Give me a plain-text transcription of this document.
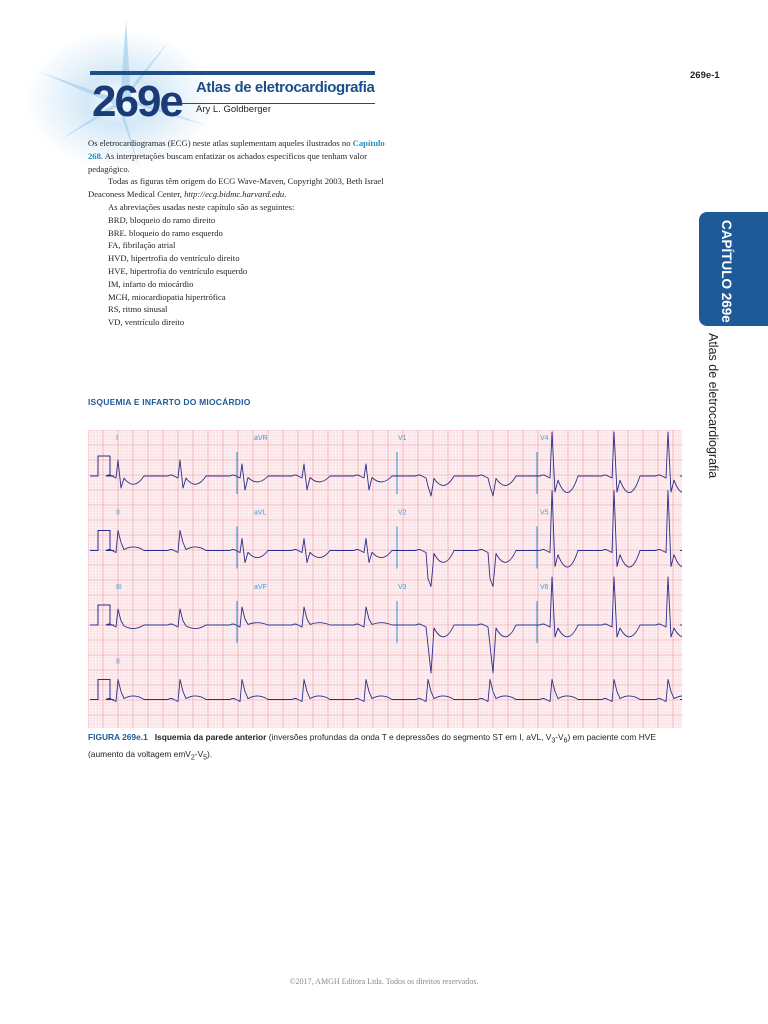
269e Atlas de eletrocardiografia
Ary L. Goldberger
269e-1
CAPÍTULO 269e
Atlas de eletrocardiografia

Os eletrocardiogramas (ECG) neste atlas suplementam aqueles ilustrados no Capítulo 268. As interpretações buscam enfatizar os achados específicos que tenham valor pedagógico.

Todas as figuras têm origem do ECG Wave-Maven, Copyright 2003, Beth Israel Deaconess Medical Center, http://ecg.bidmc.harvard.edu.

As abreviações usadas neste capítulo são as seguintes:

BRD, bloqueio do ramo direito
BRE. bloqueio do ramo esquerdo
FA, fibrilação atrial
HVD, hipertrofia do ventrículo direito
HVE, hipertrofia do ventrículo esquerdo
IM, infarto do miocárdio
MCH, miocardiopatia hipertrófica
RS, ritmo sinusal
VD, ventrículo direito
ISQUEMIA E INFARTO DO MIOCÁRDIO
I	aVR	V1	V4
II	aVL	V2	V5
III	aVF	V3	V6
II
FIGURA 269e.1 Isquemia da parede anterior (inversões profundas da onda T e depressões do segmento ST em I, aVL, $V_3-V_6$) em paciente com HVE (aumento da voltagem $emV_2-V_5$).
©2017, AMGH Editora Ltda. Todos os direitos reservados.
